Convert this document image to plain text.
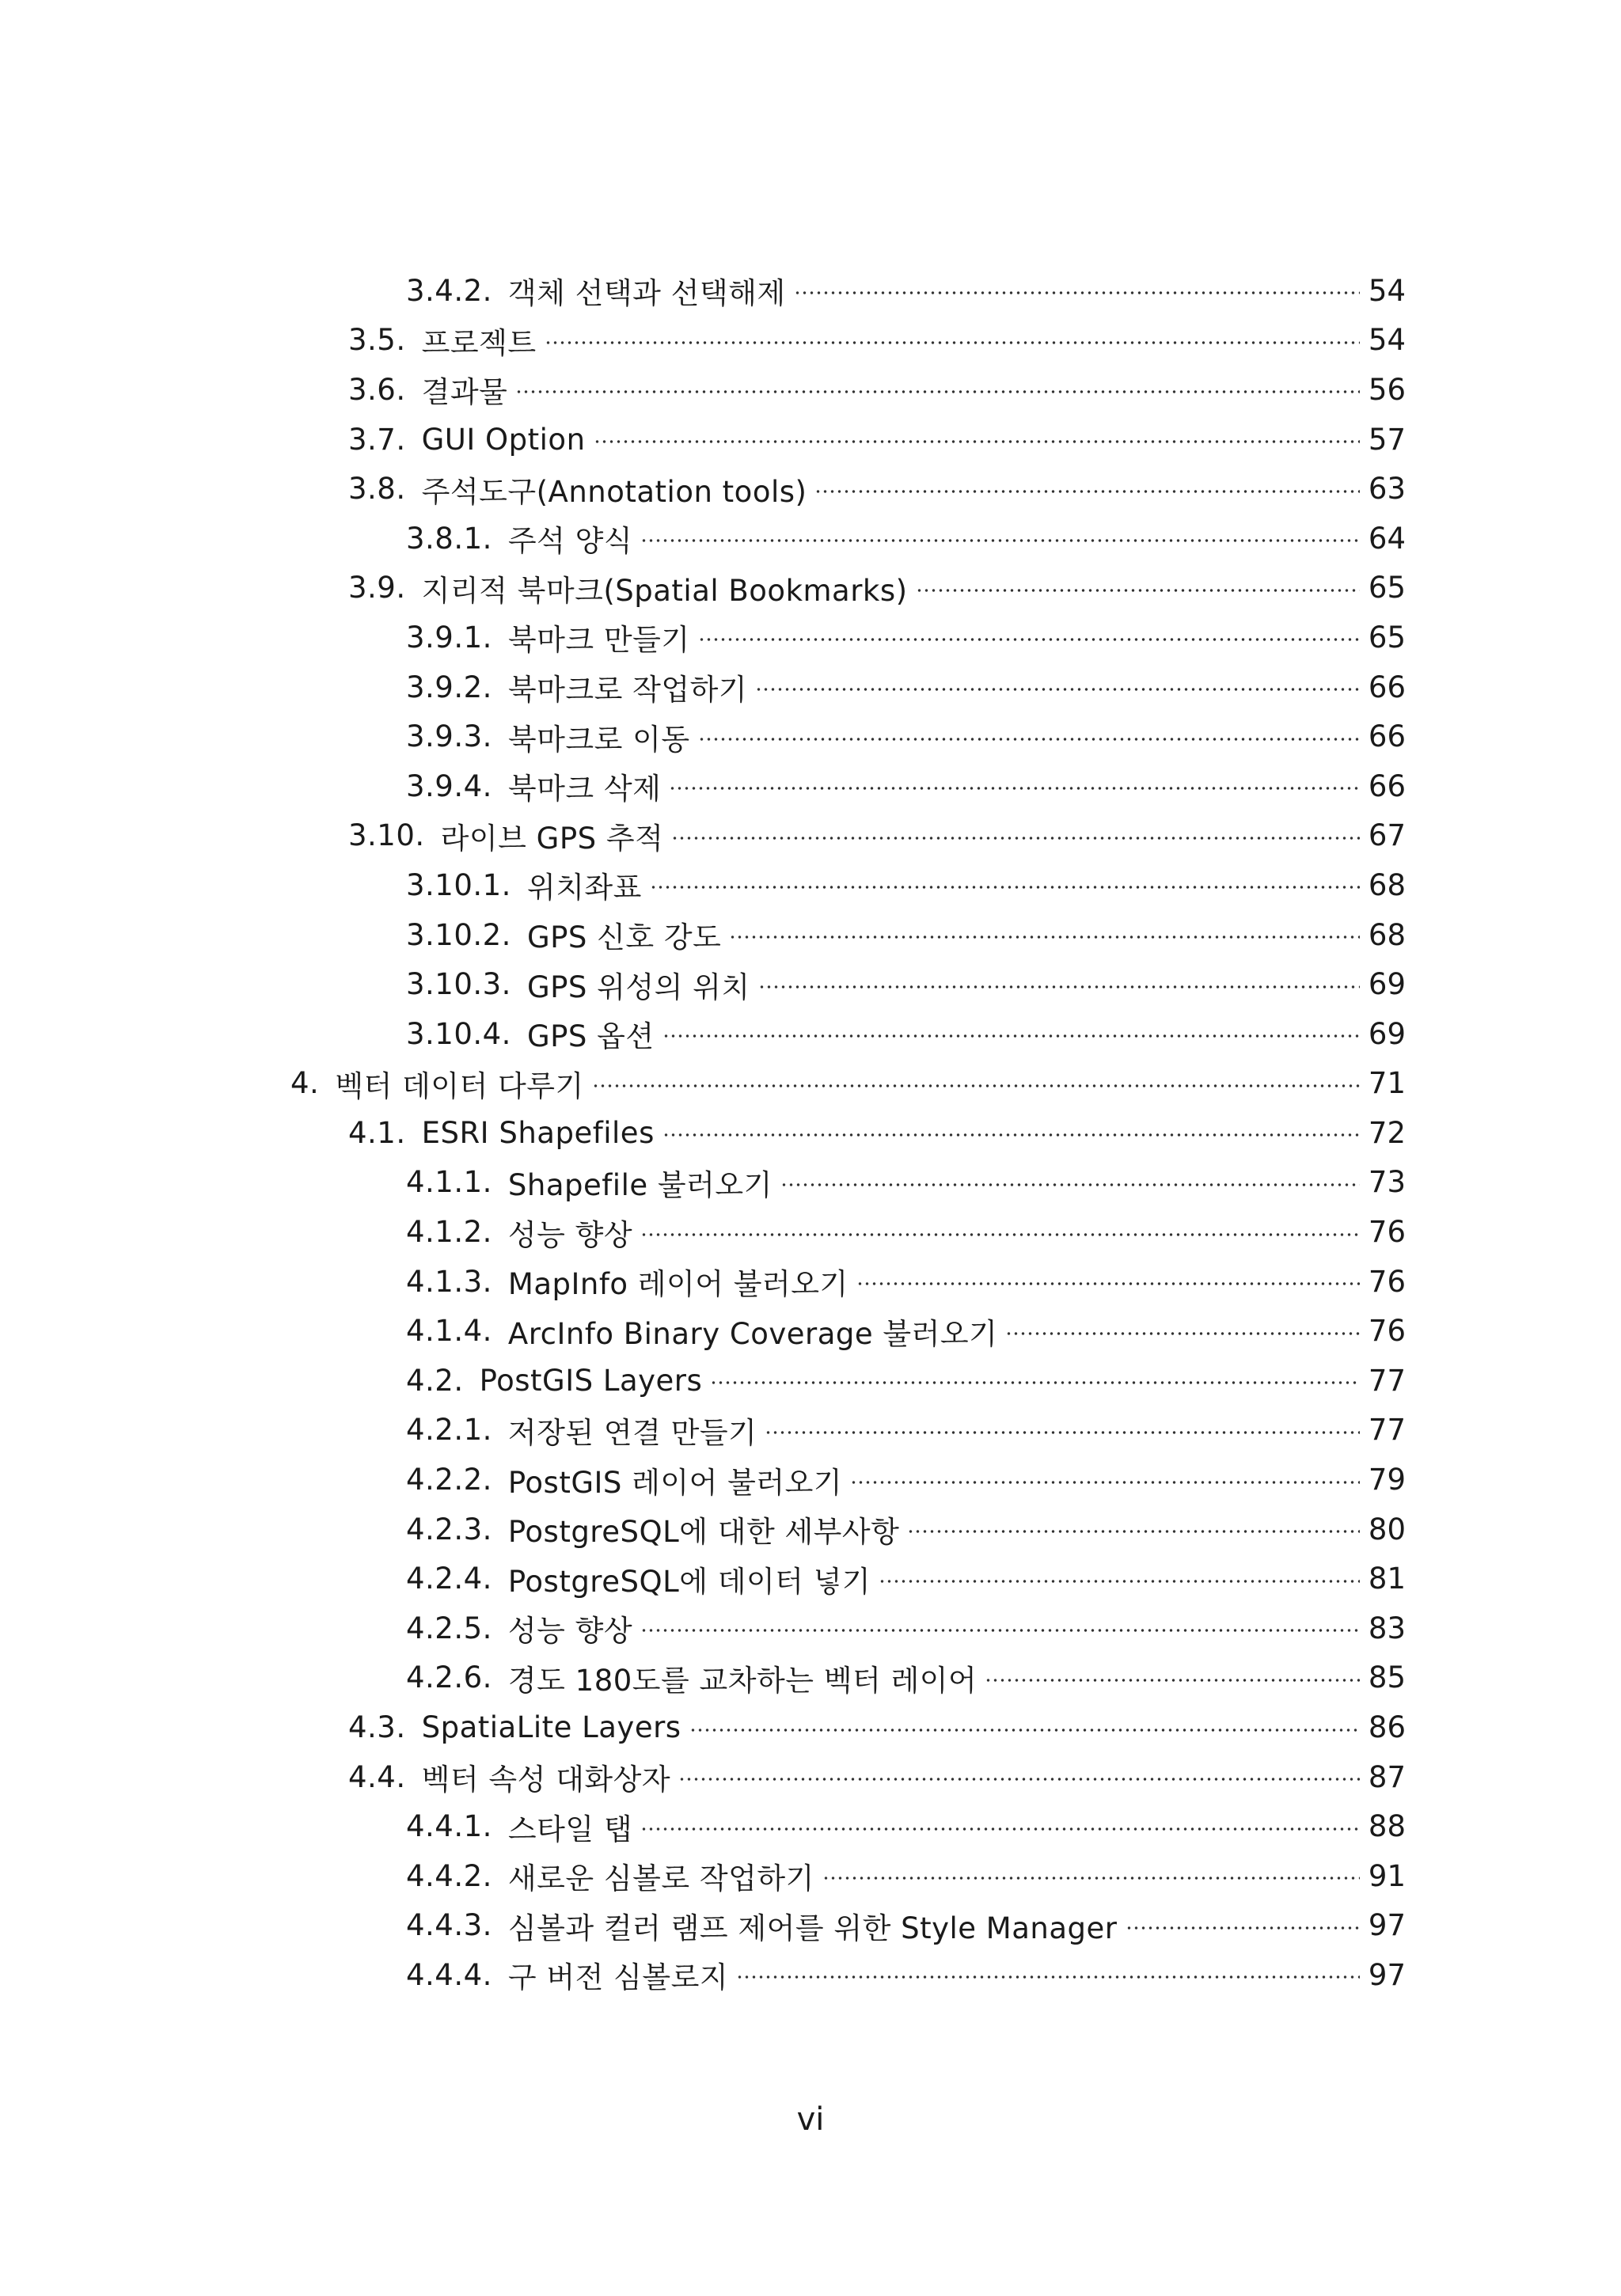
3.4.2. 객체 선택과 선택해제	54
3.5. 프로젝트	54
3.6. 결과물	56
3.7. GUI Option	57
3.8. 주석도구(Annotation tools)	63
3.8.1. 주석 양식	64
3.9. 지리적 북마크(Spatial Bookmarks)	65
3.9.1. 북마크 만들기	65
3.9.2. 북마크로 작업하기	66
3.9.3. 북마크로 이동	66
3.9.4. 북마크 삭제	66
3.10. 라이브 GPS 추적	67
3.10.1. 위치좌표	68
3.10.2. GPS 신호 강도	68
3.10.3. GPS 위성의 위치	69
3.10.4. GPS 옵션	69
4. 벡터 데이터 다루기	71
4.1. ESRI Shapefiles	72
4.1.1. Shapefile 불러오기	73
4.1.2. 성능 향상	76
4.1.3. MapInfo 레이어 불러오기	76
4.1.4. ArcInfo Binary Coverage 불러오기	76
4.2. PostGIS Layers	77
4.2.1. 저장된 연결 만들기	77
4.2.2. PostGIS 레이어 불러오기	79
4.2.3. PostgreSQL에 대한 세부사항	80
4.2.4. PostgreSQL에 데이터 넣기	81
4.2.5. 성능 향상	83
4.2.6. 경도 180도를 교차하는 벡터 레이어	85
4.3. SpatiaLite Layers	86
4.4. 벡터 속성 대화상자	87
4.4.1. 스타일 탭	88
4.4.2. 새로운 심볼로 작업하기	91
4.4.3. 심볼과 컬러 램프 제어를 위한 Style Manager	97
4.4.4. 구 버전 심볼로지	97
vi
